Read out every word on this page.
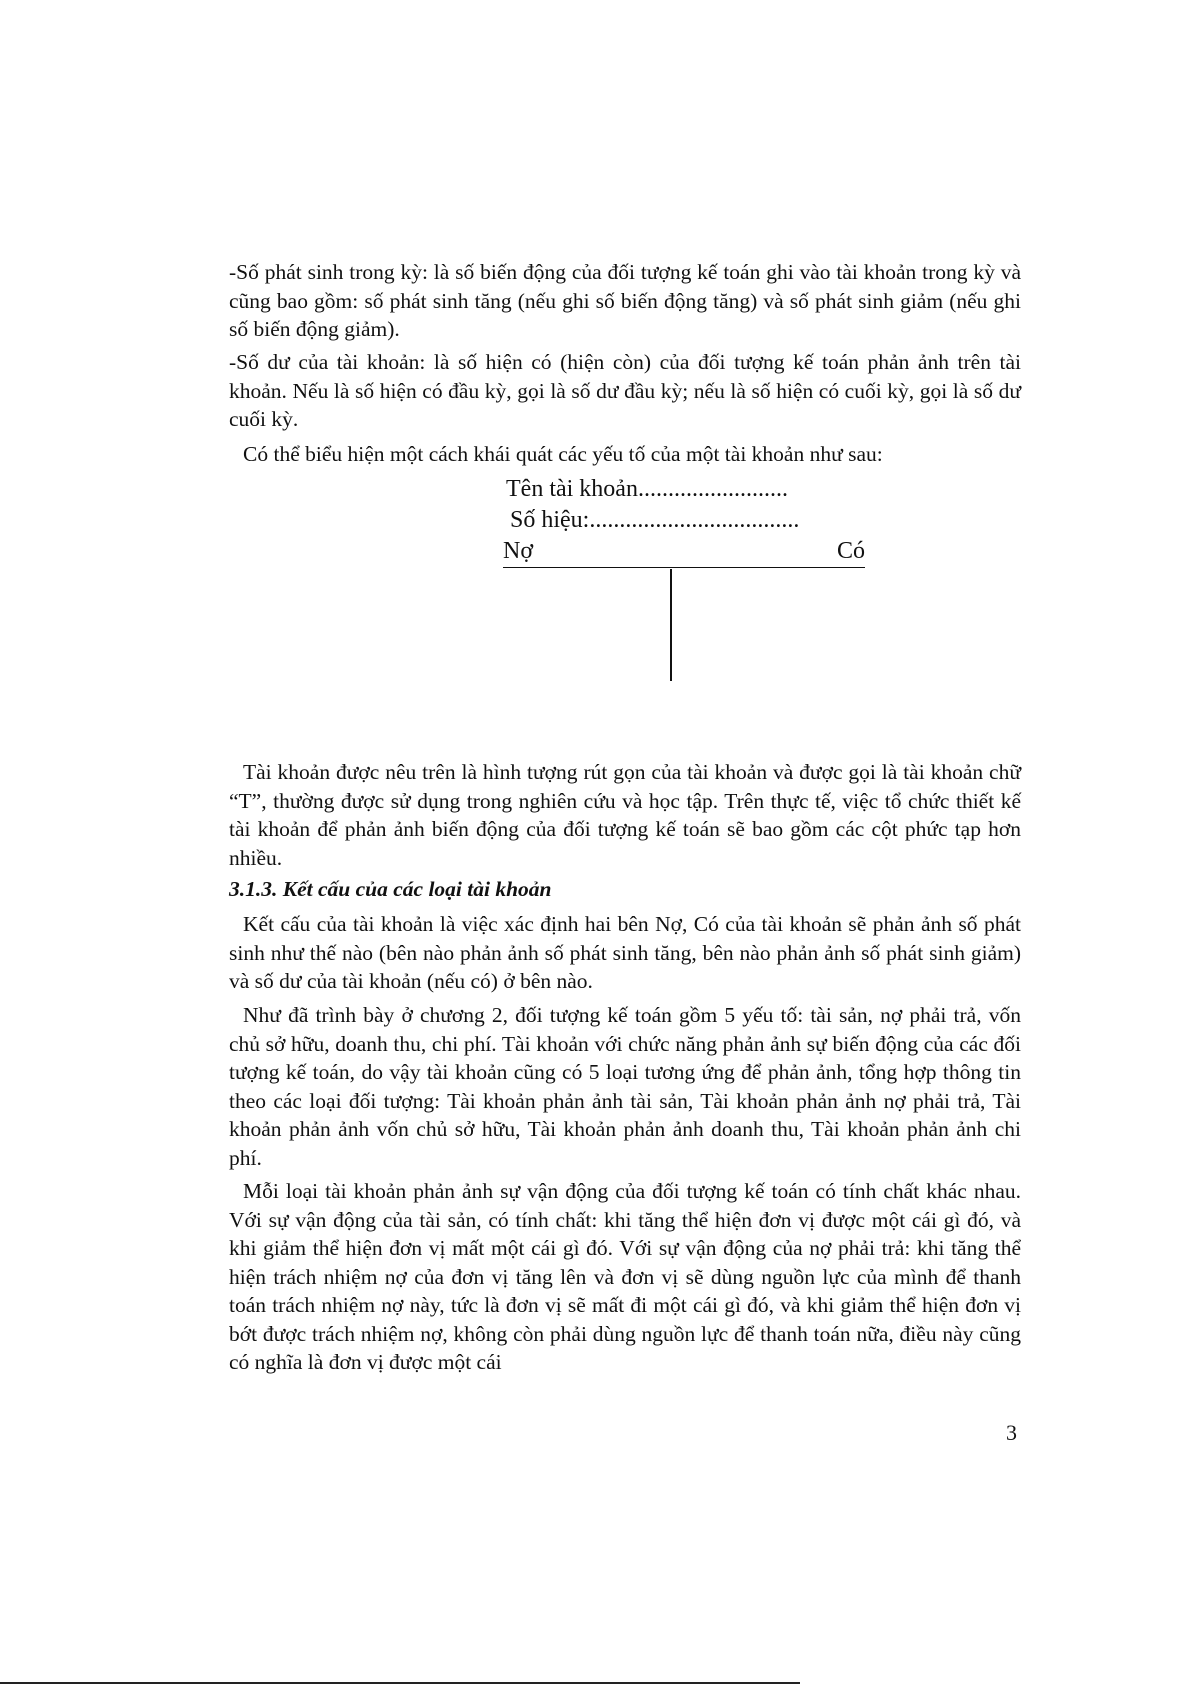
-Số phát sinh trong kỳ: là số biến động của đối tượng kế toán ghi vào tài khoản trong kỳ và cũng bao gồm: số phát sinh tăng (nếu ghi số biến động tăng) và số phát sinh giảm (nếu ghi số biến động giảm).

-Số dư của tài khoản: là số hiện có (hiện còn) của đối tượng kế toán phản ảnh trên tài khoản. Nếu là số hiện có đầu kỳ, gọi là số dư đầu kỳ; nếu là số hiện có cuối kỳ, gọi là số dư cuối kỳ.

Có thể biểu hiện một cách khái quát các yếu tố của một tài khoản như sau:

Tên tài khoản.........................
Số hiệu:...................................
Nợ	Có

Tài khoản được nêu trên là hình tượng rút gọn của tài khoản và được gọi là tài khoản chữ “T”, thường được sử dụng trong nghiên cứu và học tập. Trên thực tế, việc tổ chức thiết kế tài khoản để phản ảnh biến động của đối tượng kế toán sẽ bao gồm các cột phức tạp hơn nhiều.

3.1.3. Kết cấu của các loại tài khoản

Kết cấu của tài khoản là việc xác định hai bên Nợ, Có của tài khoản sẽ phản ảnh số phát sinh như thế nào (bên nào phản ảnh số phát sinh tăng, bên nào phản ảnh số phát sinh giảm) và số dư của tài khoản (nếu có) ở bên nào.

Như đã trình bày ở chương 2, đối tượng kế toán gồm 5 yếu tố: tài sản, nợ phải trả, vốn chủ sở hữu, doanh thu, chi phí. Tài khoản với chức năng phản ảnh sự biến động của các đối tượng kế toán, do vậy tài khoản cũng có 5 loại tương ứng để phản ảnh, tổng hợp thông tin theo các loại đối tượng: Tài khoản phản ảnh tài sản, Tài khoản phản ảnh nợ phải trả, Tài khoản phản ảnh vốn chủ sở hữu, Tài khoản phản ảnh doanh thu, Tài khoản phản ảnh chi phí.

Mỗi loại tài khoản phản ảnh sự vận động của đối tượng kế toán có tính chất khác nhau. Với sự vận động của tài sản, có tính chất: khi tăng thể hiện đơn vị được một cái gì đó, và khi giảm thể hiện đơn vị mất một cái gì đó. Với sự vận động của nợ phải trả: khi tăng thể hiện trách nhiệm nợ của đơn vị tăng lên và đơn vị sẽ dùng nguồn lực của mình để thanh toán trách nhiệm nợ này, tức là đơn vị sẽ mất đi một cái gì đó, và khi giảm thể hiện đơn vị bớt được trách nhiệm nợ, không còn phải dùng nguồn lực để thanh toán nữa, điều này cũng có nghĩa là đơn vị được một cái

3
